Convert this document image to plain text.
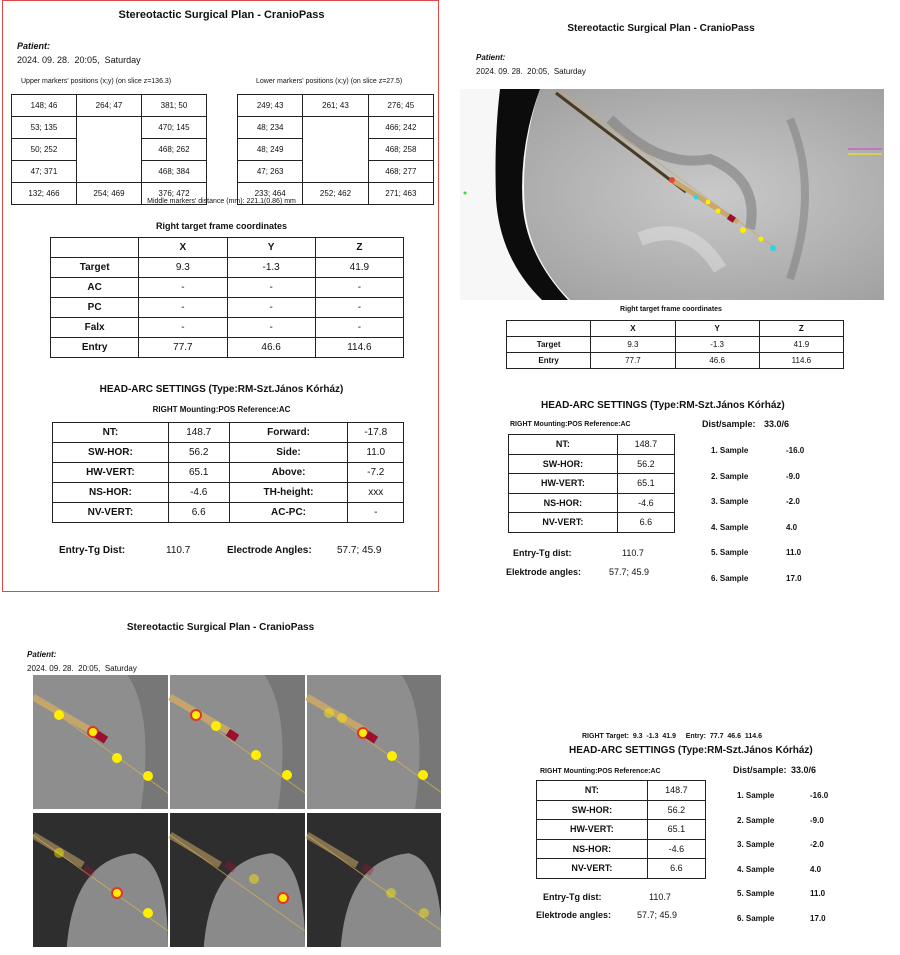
Stereotactic Surgical Plan - CranioPass
Patient:
2024. 09. 28.  20:05,  Saturday
Upper markers' positions (x;y) (on slice z=136.3)	Lower markers' positions (x;y) (on slice z=27.5)
148; 46	264; 47	381; 50
53; 135		470; 145
50; 252		468; 262
47; 371		468; 384
132; 466	254; 469	376; 472
249; 43	261; 43	276; 45
48; 234		466; 242
48; 249		468; 258
47; 263		468; 277
233; 464	252; 462	271; 463
Middle markers' distance (mm): 221.1(0.86) mm
Right target frame coordinates
	X	Y	Z
Target	9.3	-1.3	41.9
AC	-	-	-
PC	-	-	-
Falx	-	-	-
Entry	77.7	46.6	114.6
HEAD-ARC SETTINGS (Type:RM-Szt.János Kórház)
RIGHT Mounting:POS Reference:AC
NT:	148.7	Forward:	-17.8
SW-HOR:	56.2	Side:	11.0
HW-VERT:	65.1	Above:	-7.2
NS-HOR:	-4.6	TH-height:	xxx
NV-VERT:	6.6	AC-PC:	-
Entry-Tg Dist:	110.7	Electrode Angles:	57.7; 45.9
Stereotactic Surgical Plan - CranioPass
Patient:
2024. 09. 28.  20:05,  Saturday
Right target frame coordinates
	X	Y	Z
Target	9.3	-1.3	41.9
Entry	77.7	46.6	114.6
HEAD-ARC SETTINGS (Type:RM-Szt.János Kórház)
RIGHT Mounting:POS Reference:AC	Dist/sample: 33.0/6
NT:	148.7
SW-HOR:	56.2
HW-VERT:	65.1
NS-HOR:	-4.6
NV-VERT:	6.6
1. Sample	-16.0
2. Sample	-9.0
3. Sample	-2.0
4. Sample	4.0
5. Sample	11.0
6. Sample	17.0
Entry-Tg dist:	110.7
Elektrode angles:	57.7; 45.9
Stereotactic Surgical Plan - CranioPass
Patient:
2024. 09. 28.  20:05,  Saturday
RIGHT Target:  9.3  -1.3  41.9     Entry:  77.7  46.6  114.6
HEAD-ARC SETTINGS (Type:RM-Szt.János Kórház)
RIGHT Mounting:POS Reference:AC	Dist/sample: 33.0/6
NT:	148.7
SW-HOR:	56.2
HW-VERT:	65.1
NS-HOR:	-4.6
NV-VERT:	6.6
1. Sample	-16.0
2. Sample	-9.0
3. Sample	-2.0
4. Sample	4.0
5. Sample	11.0
6. Sample	17.0
Entry-Tg dist:	110.7
Elektrode angles:	57.7; 45.9
